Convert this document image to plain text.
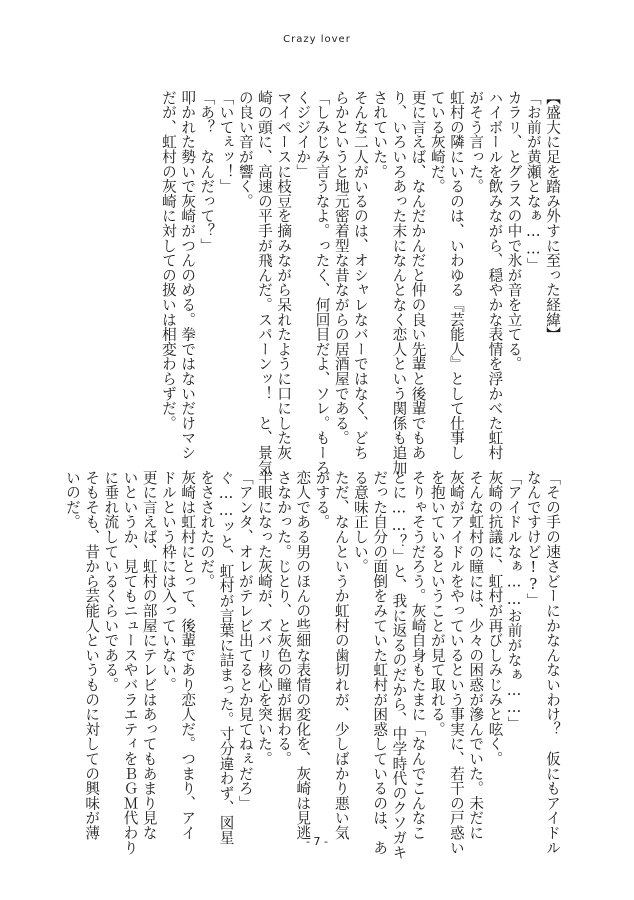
Crazy lover

【盛大に足を踏み外すに至った経緯】

「お前が黄瀬となぁ……」

カラリ、とグラスの中で氷が音を立てる。

ハイボールを飲みながら、穏やかな表情を浮かべた虹村

がそう言った。

虹村の隣にいるのは、いわゆる『芸能人』として仕事し

ている灰崎だ。

更に言えば、なんだかんだと仲の良い先輩と後輩でもあ

り、いろいろあった末になんとなく恋人という関係も追加

されていた。

そんな二人がいるのは、オシャレなバーではなく、どち

らかというと地元密着型な昔ながらの居酒屋である。

「しみじみ言うなよ。ったく、何回目だよ、ソレ。もーろ

くジジイか」

マイペースに枝豆を摘みながら呆れたように口にした灰

崎の頭に、高速の平手が飛んだ。スパーンッ！　と、景気

の良い音が響く。

「いてぇッ！」

「あ？　なんだって？」

叩かれた勢いで灰崎がつんのめる。拳ではないだけマシ

だが、虹村の灰崎に対しての扱いは相変わらずだ。

「その手の速さどーにかなんないわけ？　仮にもアイドル

なんですけど!?」

「アイドルなぁ……お前がなぁ……」

灰崎の抗議に、虹村が再びしみじみと呟く。

そんな虹村の瞳には、少々の困惑が滲んでいた。未だに

灰崎がアイドルをやっているという事実に、若干の戸惑い

を抱いているということが見て取れる。

そりゃそうだろう。灰崎自身もたまに「なんでこんなこ

とに……？」と、我に返るのだから、中学時代のクソガキ

だった自分の面倒をみていた虹村が困惑しているのは、あ

る意味正しい。

ただ、なんというか虹村の歯切れが、少しばかり悪い気

がする。

恋人である男のほんの些細な表情の変化を、灰崎は見逃

さなかった。じとり、と灰色の瞳が据わる。

半眼になった灰崎が、ズバリ核心を突いた。

「アンタ、オレがテレビ出てるとか見てねぇだろ」

ぐ……ッと、虹村が言葉に詰まった。寸分違わず、図星

をさされたのだ。

灰崎は虹村にとって、後輩であり恋人だ。つまり、アイ

ドルという枠には入っていない。

更に言えば、虹村の部屋にテレビはあってもあまり見な

いというか、見てもニュースやバラエティをＢＧＭ代わり

に垂れ流しているくらいである。

そもそも、昔から芸能人というものに対しての興味が薄

いのだ。

- 7 -
